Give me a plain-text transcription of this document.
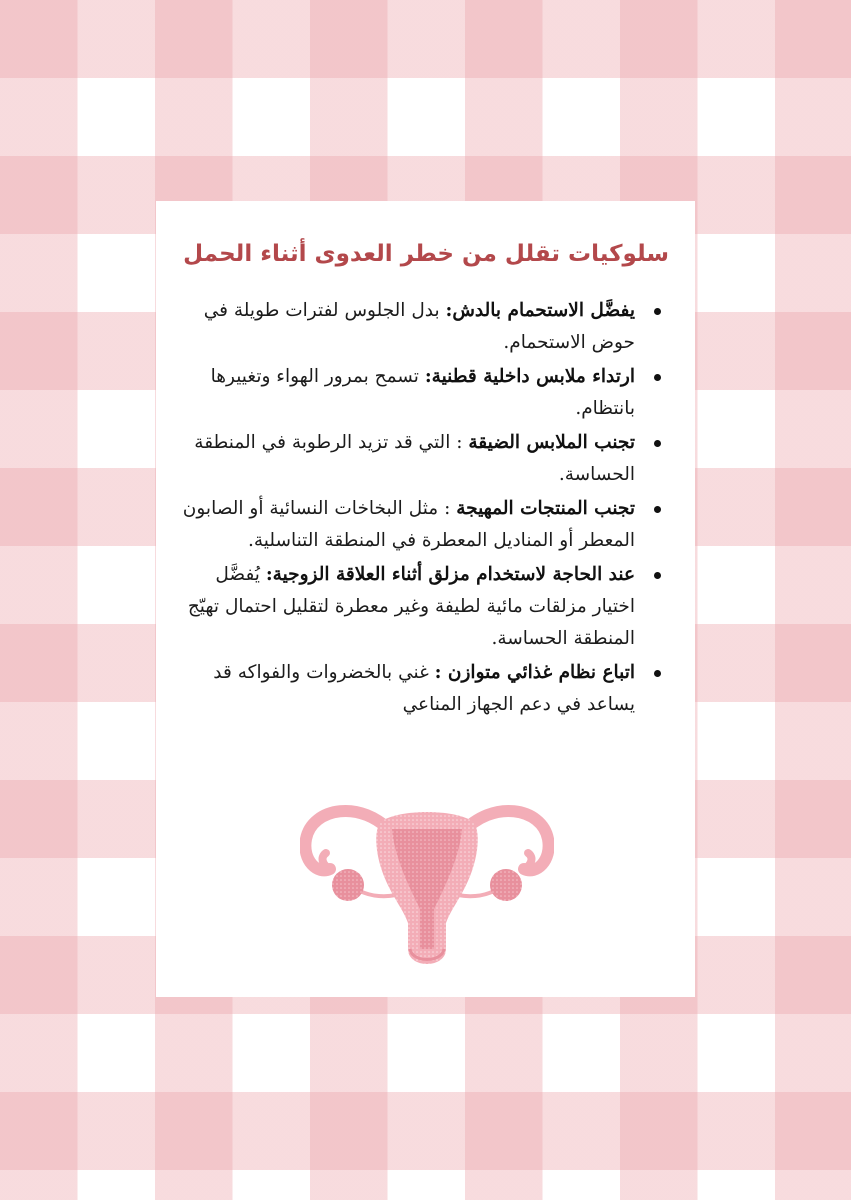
سلوكيات تقلل من خطر العدوى أثناء الحمل
يفضَّل الاستحمام بالدش: بدل الجلوس لفترات طويلة في حوض الاستحمام.
ارتداء ملابس داخلية قطنية: تسمح بمرور الهواء وتغييرها بانتظام.
تجنب الملابس الضيقة : التي قد تزيد الرطوبة في المنطقة الحساسة.
تجنب المنتجات المهيجة : مثل البخاخات النسائية أو الصابون المعطر أو المناديل المعطرة في المنطقة التناسلية.
عند الحاجة لاستخدام مزلق أثناء العلاقة الزوجية: يُفضَّل اختيار مزلقات مائية لطيفة وغير معطرة لتقليل احتمال تهيّج المنطقة الحساسة.
اتباع نظام غذائي متوازن : غني بالخضروات والفواكه قد يساعد في دعم الجهاز المناعي
